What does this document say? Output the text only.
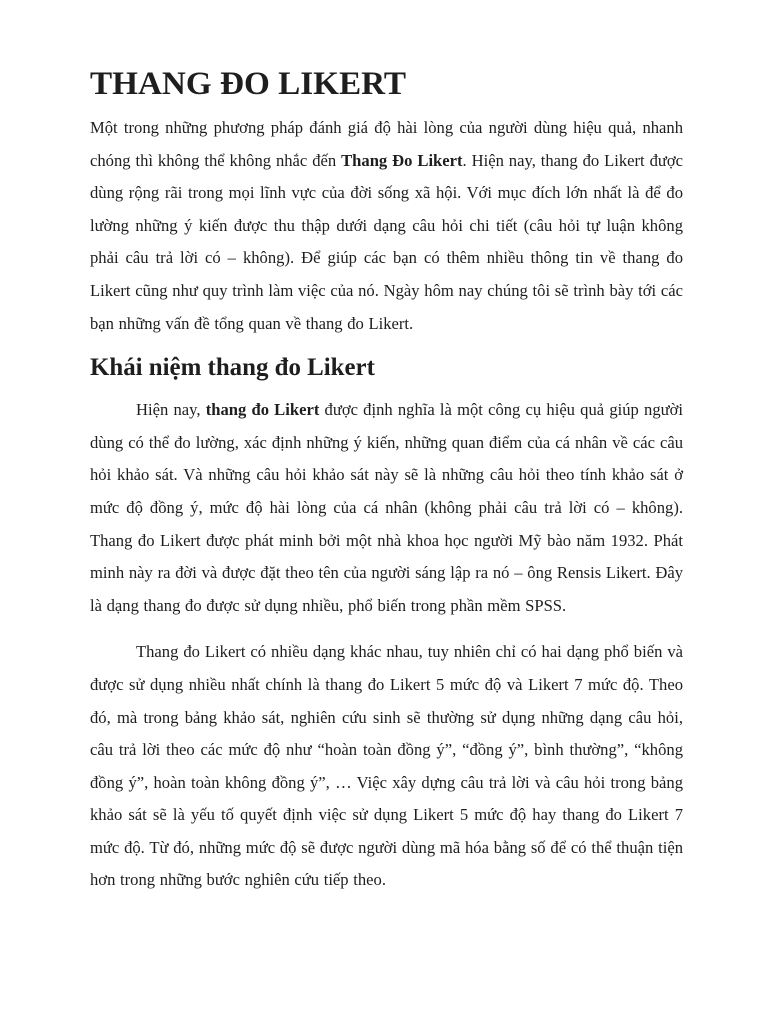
THANG ĐO LIKERT

Một trong những phương pháp đánh giá độ hài lòng của người dùng hiệu quả, nhanh chóng thì không thể không nhắc đến Thang Đo Likert. Hiện nay, thang đo Likert được dùng rộng rãi trong mọi lĩnh vực của đời sống xã hội. Với mục đích lớn nhất là để đo lường những ý kiến được thu thập dưới dạng câu hỏi chi tiết (câu hỏi tự luận không phải câu trả lời có – không). Để giúp các bạn có thêm nhiều thông tin về thang đo Likert cũng như quy trình làm việc của nó. Ngày hôm nay chúng tôi sẽ trình bày tới các bạn những vấn đề tổng quan về thang đo Likert.

Khái niệm thang đo Likert

Hiện nay, thang đo Likert được định nghĩa là một công cụ hiệu quả giúp người dùng có thể đo lường, xác định những ý kiến, những quan điểm của cá nhân về các câu hỏi khảo sát. Và những câu hỏi khảo sát này sẽ là những câu hỏi theo tính khảo sát ở mức độ đồng ý, mức độ hài lòng của cá nhân (không phải câu trả lời có – không). Thang đo Likert được phát minh bởi một nhà khoa học người Mỹ bào năm 1932. Phát minh này ra đời và được đặt theo tên của người sáng lập ra nó – ông Rensis Likert. Đây là dạng thang đo được sử dụng nhiều, phổ biến trong phần mềm SPSS.

Thang đo Likert có nhiều dạng khác nhau, tuy nhiên chỉ có hai dạng phổ biến và được sử dụng nhiều nhất chính là thang đo Likert 5 mức độ và Likert 7 mức độ. Theo đó, mà trong bảng khảo sát, nghiên cứu sinh sẽ thường sử dụng những dạng câu hỏi, câu trả lời theo các mức độ như “hoàn toàn đồng ý”, “đồng ý”, bình thường”, “không đồng ý”, hoàn toàn không đồng ý”, … Việc xây dựng câu trả lời và câu hỏi trong bảng khảo sát sẽ là yếu tố quyết định việc sử dụng Likert 5 mức độ hay thang đo Likert 7 mức độ. Từ đó, những mức độ sẽ được người dùng mã hóa bằng số để có thể thuận tiện hơn trong những bước nghiên cứu tiếp theo.
